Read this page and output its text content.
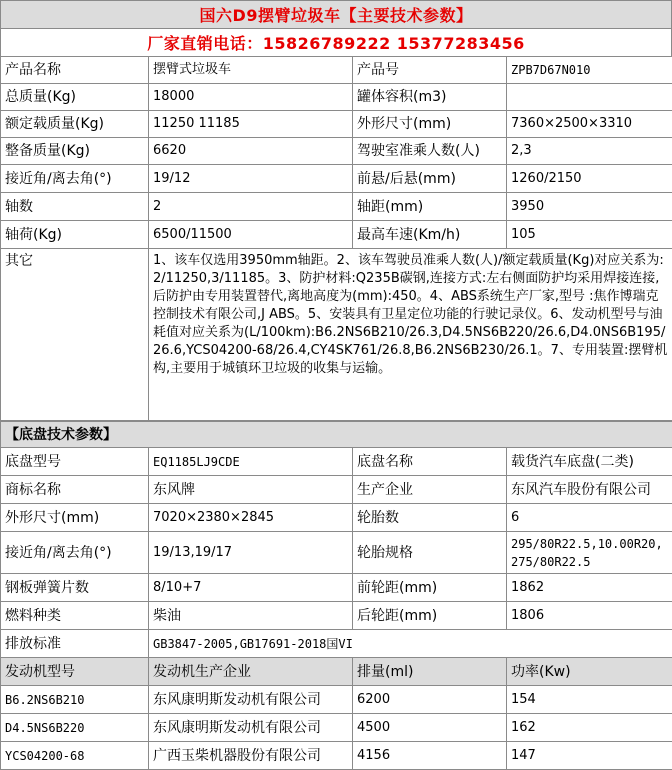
国六D9摆臂垃圾车【主要技术参数】
厂家直销电话：15826789222 15377283456
产品名称	摆臂式垃圾车	产品号	ZPB7D67N010
总质量(Kg)	18000	罐体容积(m3)	
额定载质量(Kg)	11250 11185	外形尺寸(mm)	7360×2500×3310
整备质量(Kg)	6620	驾驶室准乘人数(人)	2,3
接近角/离去角(°)	19/12	前悬/后悬(mm)	1260/2150
轴数	2	轴距(mm)	3950
轴荷(Kg)	6500/11500	最高车速(Km/h)	105
其它	1、该车仅选用3950mm轴距。2、该车驾驶员准乘人数(人)/额定载质量(Kg)对应关系为:2/11250,3/11185。3、防护材料:Q235B碳钢,连接方式:左右侧面防护均采用焊接连接,后防护由专用装置替代,离地高度为(mm):450。4、ABS系统生产厂家,型号 :焦作博瑞克控制技术有限公司,J ABS。5、安装具有卫星定位功能的行驶记录仪。6、发动机型号与油耗值对应关系为(L/100km):B6.2NS6B210/26.3,D4.5NS6B220/26.6,D4.0NS6B195/26.6,YCS04200-68/26.4,CY4SK761/26.8,B6.2NS6B230/26.1。7、专用装置:摆臂机构,主要用于城镇环卫垃圾的收集与运输。		
【底盘技术参数】			
底盘型号	EQ1185LJ9CDE	底盘名称	载货汽车底盘(二类)
商标名称	东风牌	生产企业	东风汽车股份有限公司
外形尺寸(mm)	7020×2380×2845	轮胎数	6
接近角/离去角(°)	19/13,19/17	轮胎规格	295/80R22.5,10.00R20,275/80R22.5
钢板弹簧片数	8/10+7	前轮距(mm)	1862
燃料种类	柴油	后轮距(mm)	1806
排放标准	GB3847-2005,GB17691-2018国VI		
发动机型号	发动机生产企业	排量(ml)	功率(Kw)
B6.2NS6B210	东风康明斯发动机有限公司	6200	154
D4.5NS6B220	东风康明斯发动机有限公司	4500	162
YCS04200-68	广西玉柴机器股份有限公司	4156	147
